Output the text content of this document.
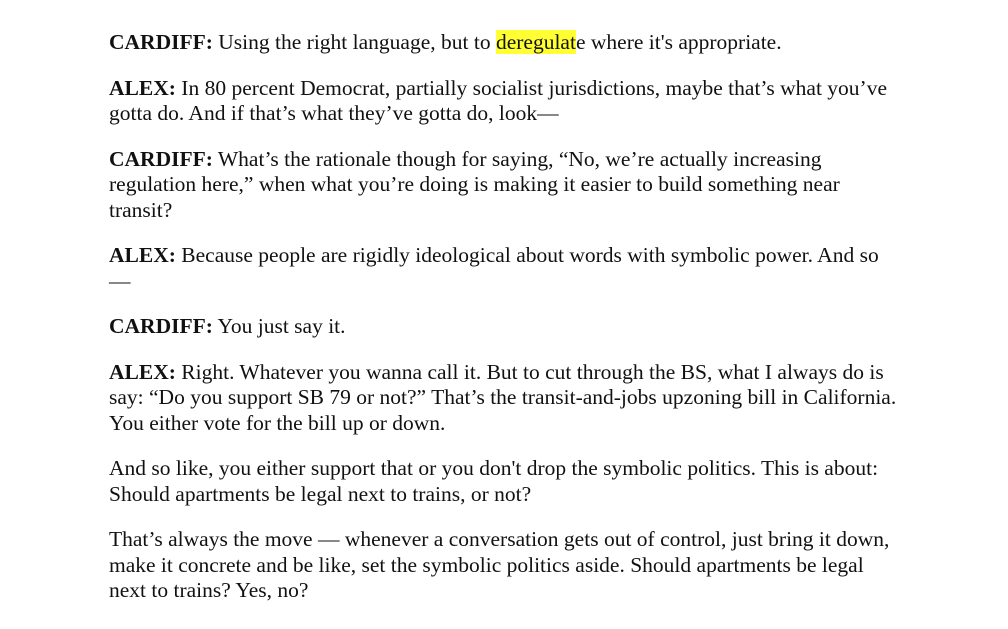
CARDIFF: Using the right language, but to deregulate where it's appropriate.

ALEX: In 80 percent Democrat, partially socialist jurisdictions, maybe that’s what you’ve gotta do. And if that’s what they’ve gotta do, look—

CARDIFF: What’s the rationale though for saying, “No, we’re actually increasing regulation here,” when what you’re doing is making it easier to build something near transit?

ALEX: Because people are rigidly ideological about words with symbolic power. And so—

CARDIFF: You just say it.

ALEX: Right. Whatever you wanna call it. But to cut through the BS, what I always do is say: “Do you support SB 79 or not?” That’s the transit-and-jobs upzoning bill in California. You either vote for the bill up or down.

And so like, you either support that or you don't drop the symbolic politics. This is about: Should apartments be legal next to trains, or not?

That’s always the move — whenever a conversation gets out of control, just bring it down, make it concrete and be like, set the symbolic politics aside. Should apartments be legal next to trains? Yes, no?
